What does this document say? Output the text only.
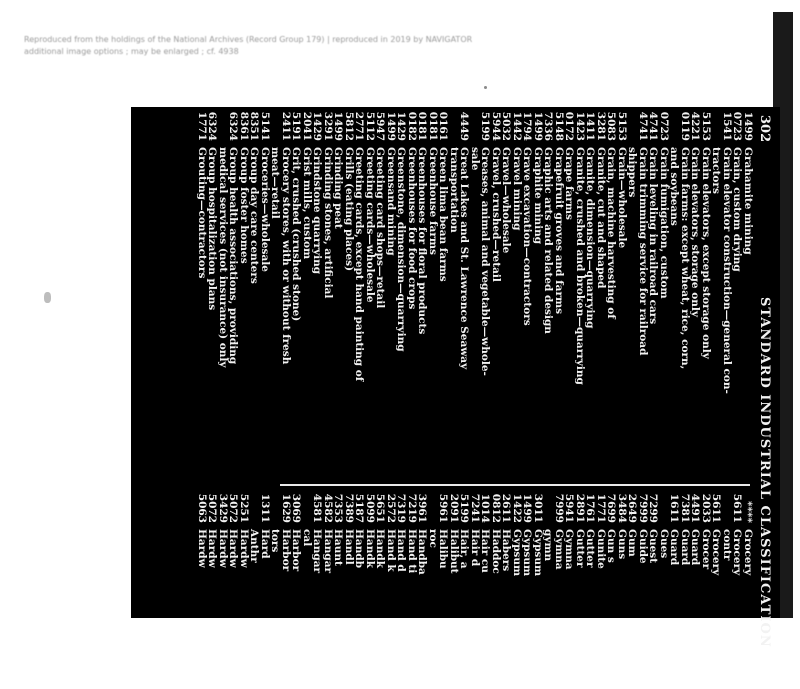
Reproduced from the holdings of the National Archives (Record Group 179) | reproduced in 2019 by NAVIGATOR
additional image options ; may be enlarged ; cf. 4938
302
STANDARD INDUSTRIAL CLASSIFICATION
1499
Grahamite mining
0723
Grain, custom drying
1541
Grain elevator construction—general con-
tractors
5153
Grain elevators, except storage only
4221
Grain elevators, storage only
0119
Grain farms: except wheat, rice, corn,
and soybeans
0723
Grain fumigation, custom
4741
Grain leveling in railroad cars
4741
Grain trimming service for railroad
shippers
5153
Grain—wholesale
5083
Grain, machine harvesting of
3281
Granite, cut and shaped
1411
Granite, dimension—quarrying
1423
Granite, crushed and broken—quarrying
0172
Grape farms
5148
Grapefruit groves and farms
7336
Graphic arts and related design
1499
Graphite mining
1794
Grave excavation—contractors
1442
Gravel mining
5032
Gravel—wholesale
5944
Gravel, crushed—retail
5199
Greases, animal and vegetable—whole-
sale
4449
Great Lakes and St. Lawrence Seaway
transportation
0161
Green lima bean farms
0181
Greenhouse farms
0181
Greenhouses for floral products
0182
Greenhouses for food crops
1429
Greenstone, dimension—quarrying
1499
Greensand mining
5947
Greeting card shops—retail
5112
Greeting cards—wholesale
2771
Greeting cards, except hand painting of
5812
Grills (eating places)
1499
Grinding peat
3291
Grinding stones, artificial
1429
Grindstone quarrying
2041
Grist mills, custom
5191
Grit, crushed (crushed stone)
2411
Grocery stores, with or without fresh
meat—retail
5141
Groceries—wholesale
8351
Group day care centers
8361
Group foster homes
6324
Group health associations, providing
medical services (not insurance) only
6324
Group hospitalization plans
1771
Grouting—contractors
****
Grocery
5611
Grocery
contr
5611
Grocery
2033
Grocer
4491
Guard
7381
Guard
1611
Guard
Gues
7299
Guest
7999
Guide
2649
Gum
3484
Guns
7699
Gun s
1771
Gunite
1761
Gutter
2891
Gutter
5941
Gymna
7999
Gymna
gymn
3011
Gypsum
1499
Gypsum
1422
Gypsum
2611
Habers
0812
Haddoc
1014
Hair cu
7241
Hair d
5199
Hair, a
2091
Halibut
5961
Halibu
roc
3961
Handba
7219
Hand ti
7319
Hand d
2572
Hand k
5651
Handk
5099
Handk
5187
Handb
7389
Handl
7353
Haunt
4582
Hangar
4581
Hangar
cal
3069
Harbor
1629
Harbor
tors
1311
Hard
Anthr
5251
Hardw
5072
Hardw
3429
Hardw
5072
Hardw
5063
Hardw
